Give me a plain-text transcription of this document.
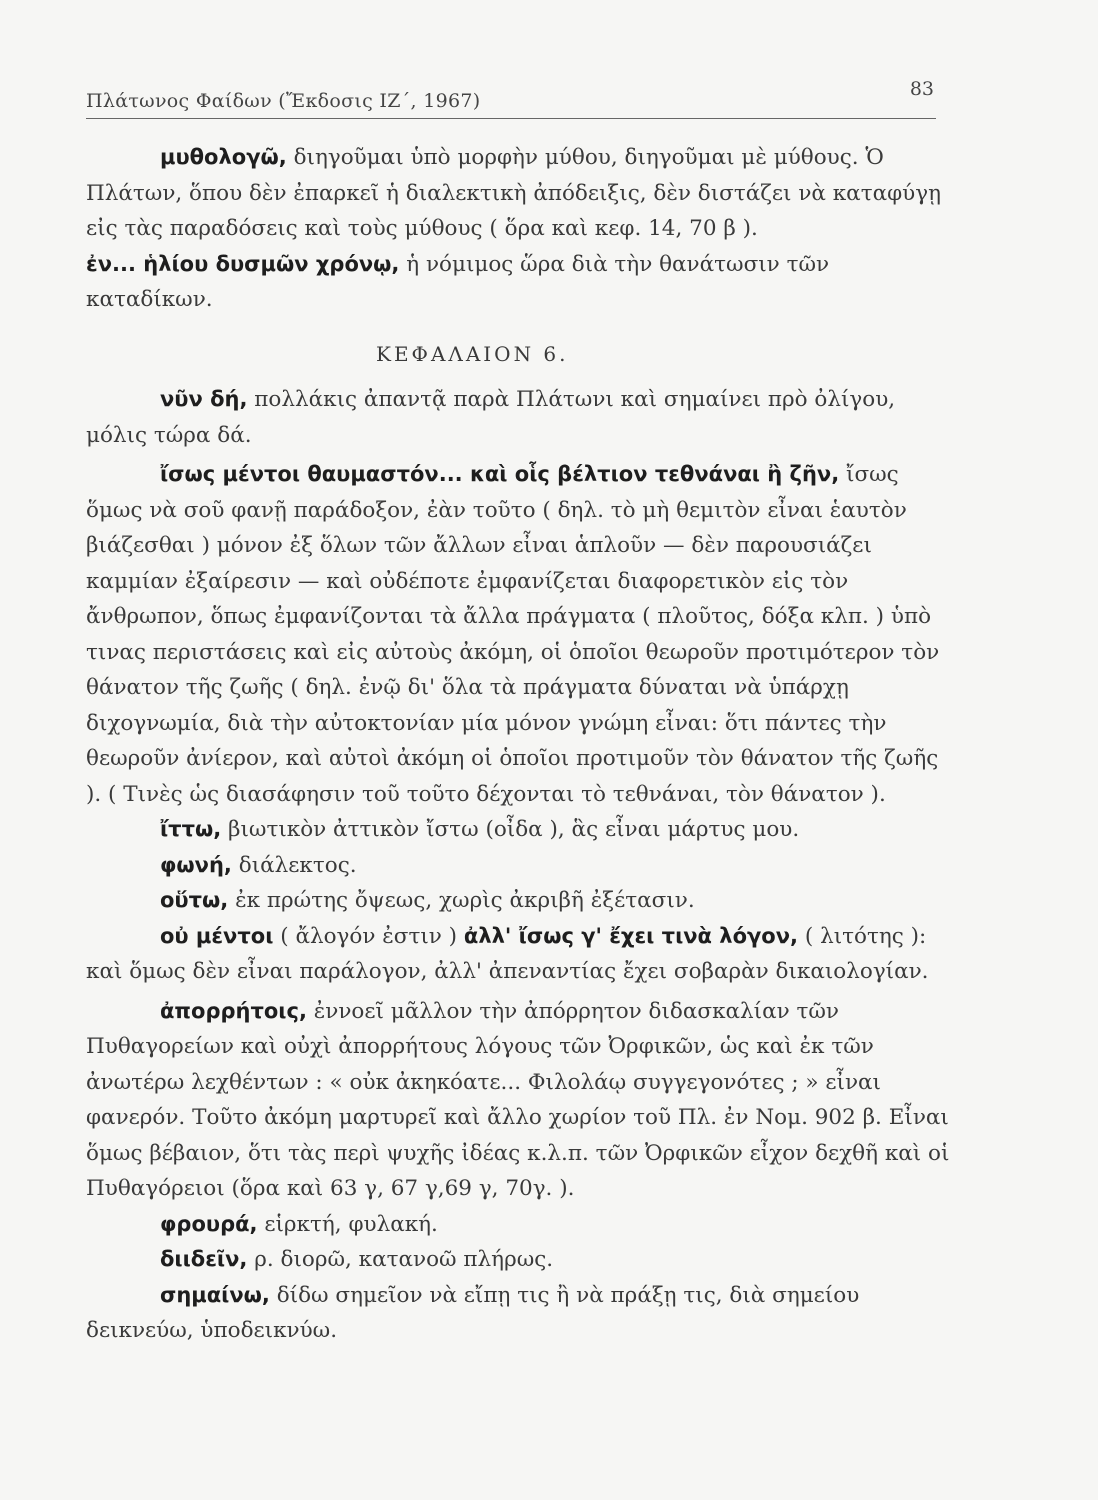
Πλάτωνος Φαίδων (Ἔκδοσις ΙΖ΄, 1967)
83

μυθολογῶ, διηγοῦμαι ὑπὸ μορφὴν μύθου, διηγοῦμαι μὲ μύθους. Ὁ Πλάτων, ὅπου δὲν ἐπαρκεῖ ἡ διαλεκτικὴ ἀπόδειξις, δὲν διστάζει νὰ καταφύγῃ εἰς τὰς παραδόσεις καὶ τοὺς μύθους ( ὅρα καὶ κεφ. 14, 70 β ).

ἐν... ἡλίου δυσμῶν χρόνῳ, ἡ νόμιμος ὥρα διὰ τὴν θανάτωσιν τῶν καταδίκων.

ΚΕΦΑΛΑΙΟΝ 6.

νῦν δή, πολλάκις ἀπαντᾷ παρὰ Πλάτωνι καὶ σημαίνει πρὸ ὀλίγου, μόλις τώρα δά.

ἴσως μέντοι θαυμαστόν... καὶ οἷς βέλτιον τεθνάναι ἢ ζῆν, ἴσως ὅμως νὰ σοῦ φανῇ παράδοξον, ἐὰν τοῦτο ( δηλ. τὸ μὴ θεμιτὸν εἶναι ἑαυτὸν βιάζεσθαι ) μόνον ἐξ ὅλων τῶν ἄλλων εἶναι ἁπλοῦν — δὲν παρουσιάζει καμμίαν ἐξαίρεσιν — καὶ οὐδέποτε ἐμφανίζεται διαφορετικὸν εἰς τὸν ἄνθρωπον, ὅπως ἐμφανίζονται τὰ ἄλλα πράγματα ( πλοῦτος, δόξα κλπ. ) ὑπὸ τινας περιστάσεις καὶ εἰς αὐτοὺς ἀκόμη, οἱ ὁποῖοι θεωροῦν προτιμότερον τὸν θάνατον τῆς ζωῆς ( δηλ. ἐνῷ δι' ὅλα τὰ πράγματα δύναται νὰ ὑπάρχῃ διχογνωμία, διὰ τὴν αὐτοκτονίαν μία μόνον γνώμη εἶναι: ὅτι πάντες τὴν θεωροῦν ἀνίερον, καὶ αὐτοὶ ἀκόμη οἱ ὁποῖοι προτιμοῦν τὸν θάνατον τῆς ζωῆς ). ( Τινὲς ὡς διασάφησιν τοῦ τοῦτο δέχονται τὸ τεθνάναι, τὸν θάνατον ).

ἴττω, βιωτικὸν ἀττικὸν ἴστω (οἶδα ), ἃς εἶναι μάρτυς μου.

φωνή, διάλεκτος.

οὕτω, ἐκ πρώτης ὄψεως, χωρὶς ἀκριβῆ ἐξέτασιν.

οὐ μέντοι ( ἄλογόν ἐστιν ) ἀλλ' ἴσως γ' ἔχει τινὰ λόγον, ( λιτότης ): καὶ ὅμως δὲν εἶναι παράλογον, ἀλλ' ἀπεναντίας ἔχει σοβαρὰν δικαιολογίαν.

ἀπορρήτοις, ἐννοεῖ μᾶλλον τὴν ἀπόρρητον διδασκαλίαν τῶν Πυθαγορείων καὶ οὐχὶ ἀπορρήτους λόγους τῶν Ὀρφικῶν, ὡς καὶ ἐκ τῶν ἀνωτέρω λεχθέντων : « οὐκ ἀκηκόατε... Φιλολάῳ συγγεγονότες ; » εἶναι φανερόν. Τοῦτο ἀκόμη μαρτυρεῖ καὶ ἄλλο χωρίον τοῦ Πλ. ἐν Νομ. 902 β. Εἶναι ὅμως βέβαιον, ὅτι τὰς περὶ ψυχῆς ἰδέας κ.λ.π. τῶν Ὀρφικῶν εἶχον δεχθῆ καὶ οἱ Πυθαγόρειοι (ὅρα καὶ 63 γ, 67 γ,69 γ, 70γ. ).

φρουρά, εἱρκτή, φυλακή.

διιδεῖν, ρ. διορῶ, κατανοῶ πλήρως.

σημαίνω, δίδω σημεῖον νὰ εἴπῃ τις ἢ νὰ πράξῃ τις, διὰ σημείου δεικνεύω, ὑποδεικνύω.
